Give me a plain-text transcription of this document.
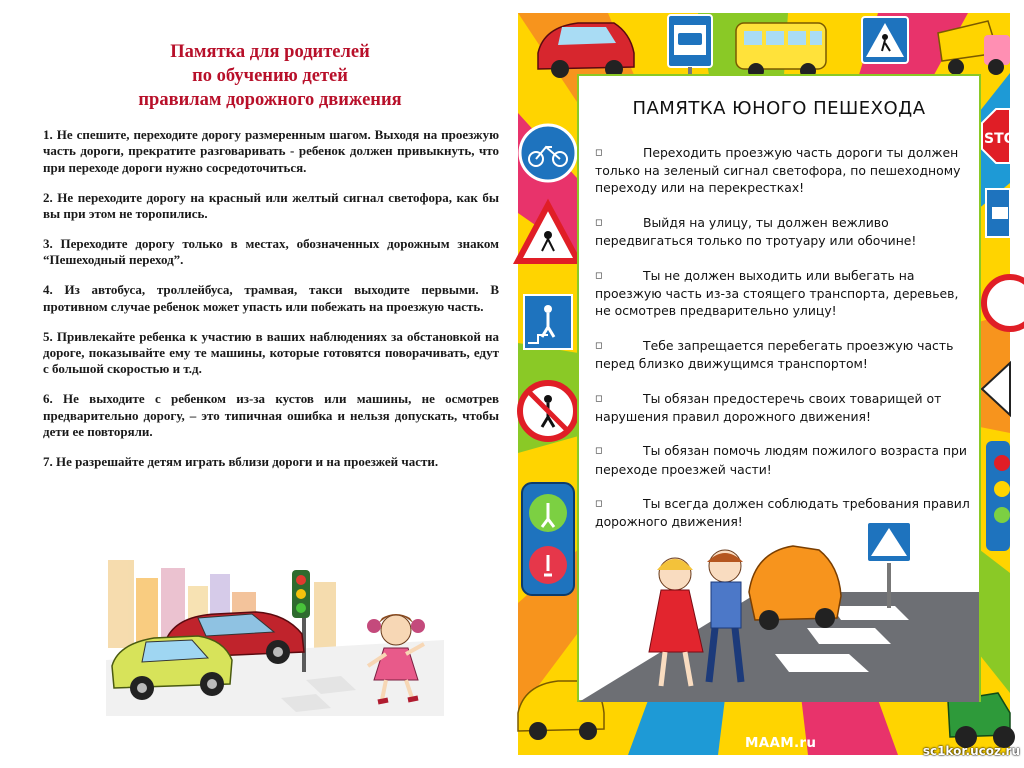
Памятка для родителей
по обучению детей
правилам дорожного движения

1. Не спешите, переходите дорогу размеренным шагом. Выходя на проезжую часть дороги, прекратите разговаривать - ребенок должен привыкнуть, что при переходе дороги нужно сосредоточиться.

2. Не переходите дорогу на красный или желтый сигнал светофора, как бы вы при этом не торопились.

3. Переходите дорогу только в местах, обозначенных дорожным знаком “Пешеходный переход”.

4. Из автобуса, троллейбуса, трамвая, такси выходите первыми. В противном случае ребенок может упасть или побежать на проезжую часть.

5. Привлекайте ребенка к участию в ваших наблюдениях за обстановкой на дороге, показывайте ему те машины, которые готовятся поворачивать, едут с большой скоростью и т.д.

6. Не выходите с ребенком из-за кустов или машины, не осмотрев предварительно дорогу, – это типичная ошибка и нельзя допускать, чтобы дети ее повторяли.

7. Не разрешайте детям играть вблизи дороги и на проезжей части.

STO
ПАМЯТКА ЮНОГО ПЕШЕХОДА
◻	Переходить проезжую часть дороги ты должен только на зеленый сигнал светофора, по пешеходному переходу или на перекрестках!
◻	Выйдя на улицу, ты должен вежливо передвигаться только по тротуару или обочине!
◻	Ты не должен выходить или выбегать на проезжую часть из-за стоящего транспорта, деревьев, не осмотрев предварительно улицу!
◻	Тебе запрещается перебегать проезжую часть перед близко движущимся транспортом!
◻	Ты обязан предостеречь своих товарищей от нарушения правил дорожного движения!
◻	Ты обязан помочь людям пожилого возраста при переходе проезжей части!
◻	Ты всегда должен соблюдать требования правил дорожного движения!
MAAM.ru	sc1kor.ucoz.ru
